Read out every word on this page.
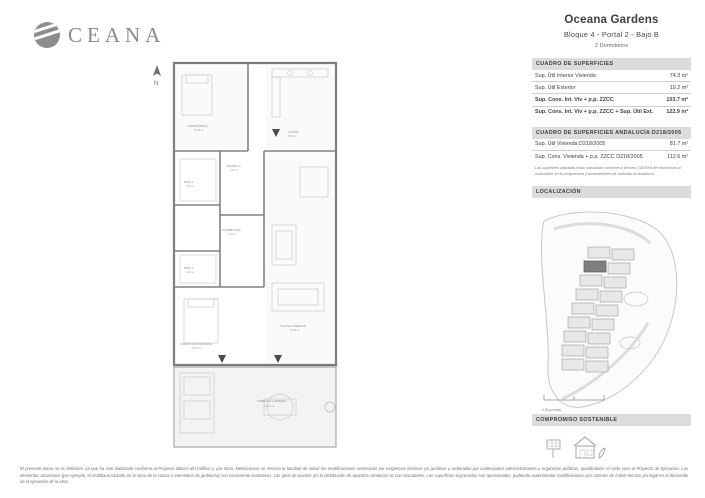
CEANA
TERRAZA CUBIERTA
19.20 m²
DORMITORIO 2
10.60 m²	COCINA
8.80 m²
VESTÍBULO
4.10 m²
BAÑO 2
3.90 m²
DISTRIBUIDOR
6.20 m²
BAÑO 1
4.60 m²
DORMITORIO PRINCIPAL
14.30 m²
SALÓN-COMEDOR
24.80 m²
N
El presente plano no es definitivo, ya que ha sido elaborado conforme al Proyecto Básico del Edificio y, por tanto, Metrovacesa se reserva la facultad de incluir las modificaciones necesarias por exigencias técnicas y/o jurídicas u ordenadas por cualesquiera administraciones u organismo públicos, quedándolas en todo caso al Proyecto de Ejecución. Los elementos accesorios (por ejemplo, el mobiliario incluido en la zona de la cocina o elementos de jardinería) son meramente ilustrativos. Los giros de puertas y/o la distribución de aparatos sanitarios no son vinculantes. Las superficies expresadas son aproximadas, pudiendo experimentar modificaciones por razones de índole técnico y/o legal en el desarrollo de la ejecución de la obra.
Oceana Gardens
Bloque 4 - Portal 2 - Bajo B
2 Dormitorios
CUADRO DE SUPERFICIES
Sup. Útil Interior Vivienda	74.3 m²
Sup. Útil Exterior	19.2 m²
Sup. Cons. Int. Viv + p.p. ZZCC	103.7 m²
Sup. Cons. Int. Viv + p.p. ZZCC + Sup. Útil Ext.	122.9 m²
CUADRO DE SUPERFICIES ANDALUCÍA D218/2005
Sup. Útil Vivienda D218/2005	81.7 m²
Sup. Cons. Vivienda + p.p. ZZCC D218/2005	112.6 m²
Las superficies indicadas están calculadas conforme al Decreto 218/2005 de información al consumidor en la compraventa y arrendamiento de viviendas en Andalucía
LOCALIZACIÓN
0 (5) (metros)
COMPROMISO SOSTENIBLE
